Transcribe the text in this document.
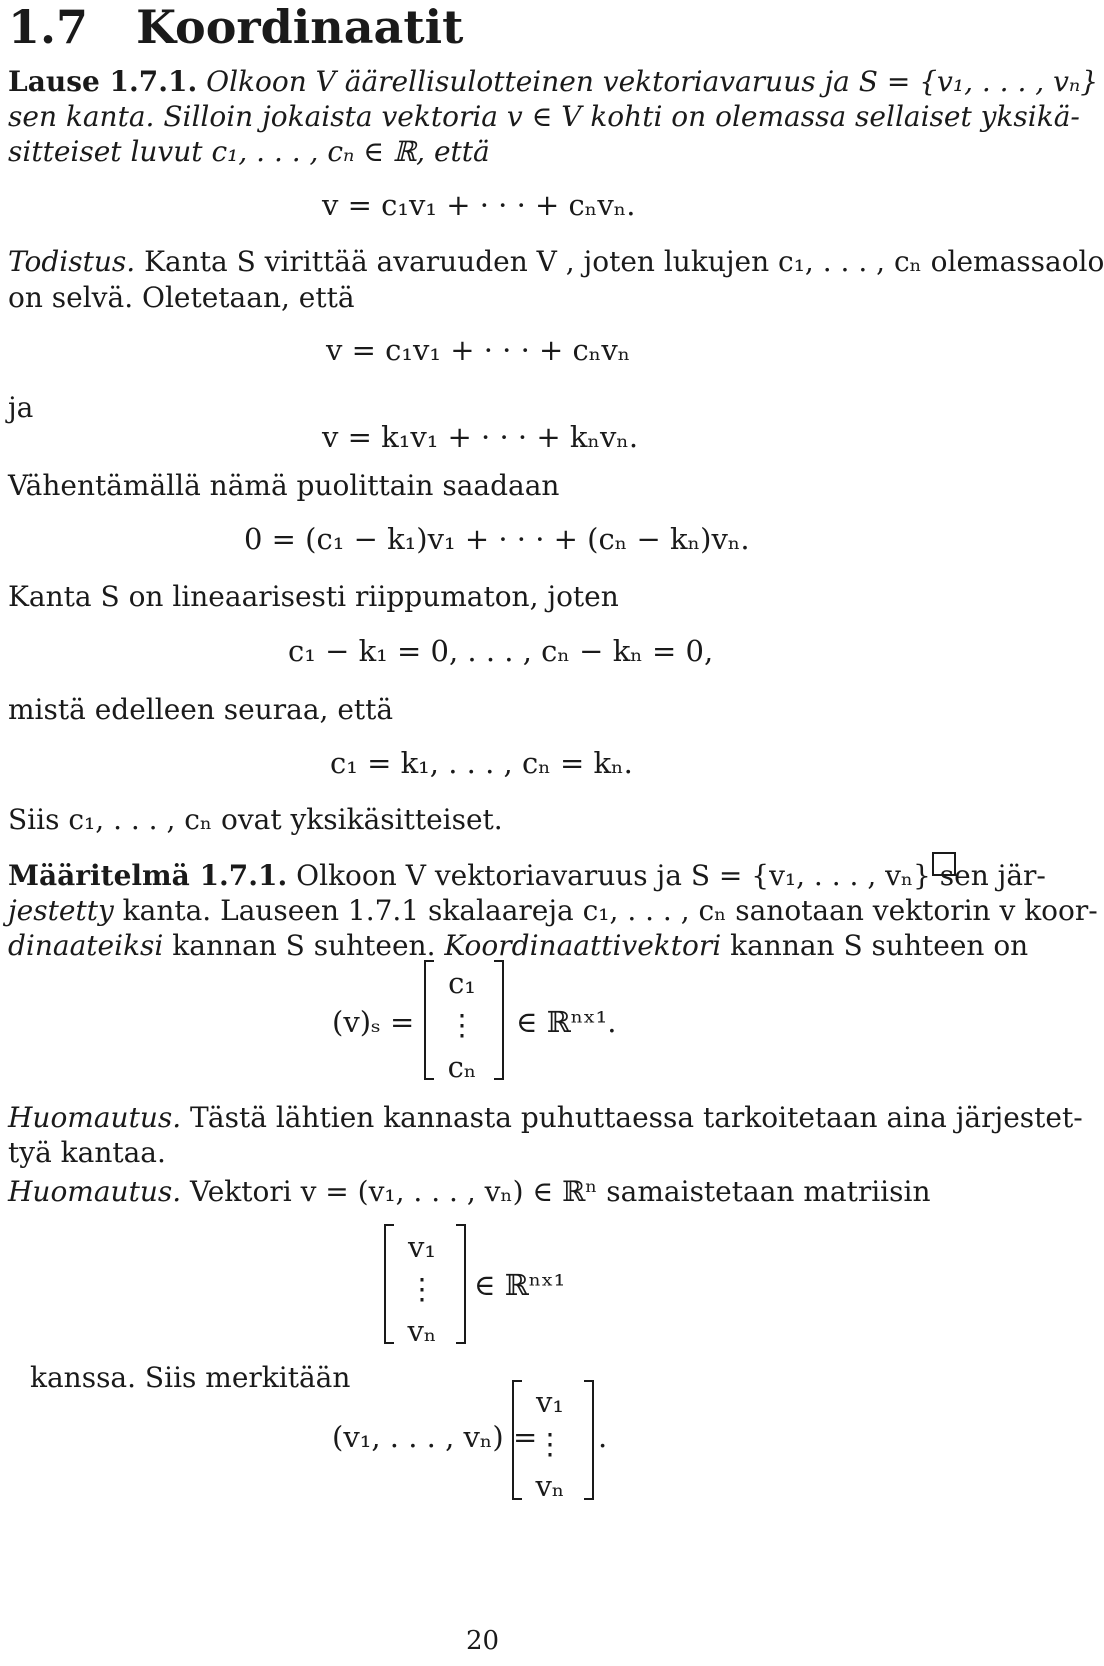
1.7 Koordinaatit
Lause 1.7.1. Olkoon V äärellisulotteinen vektoriavaruus ja S = {v₁, . . . , vₙ}
sen kanta. Silloin jokaista vektoria v ∈ V kohti on olemassa sellaiset yksikä-
sitteiset luvut c₁, . . . , cₙ ∈ ℝ, että
v = c₁v₁ + · · · + cₙvₙ.
Todistus. Kanta S virittää avaruuden V , joten lukujen c₁, . . . , cₙ olemassaolo
on selvä. Oletetaan, että
v = c₁v₁ + · · · + cₙvₙ
ja
v = k₁v₁ + · · · + kₙvₙ.
Vähentämällä nämä puolittain saadaan
0 = (c₁ − k₁)v₁ + · · · + (cₙ − kₙ)vₙ.
Kanta S on lineaarisesti riippumaton, joten
c₁ − k₁ = 0, . . . , cₙ − kₙ = 0,
mistä edelleen seuraa, että
c₁ = k₁, . . . , cₙ = kₙ.
Siis c₁, . . . , cₙ ovat yksikäsitteiset.
Määritelmä 1.7.1. Olkoon V vektoriavaruus ja S = {v₁, . . . , vₙ} sen jär-
jestetty kanta. Lauseen 1.7.1 skalaareja c₁, . . . , cₙ sanotaan vektorin v koor-
dinaateiksi kannan S suhteen. Koordinaattivektori kannan S suhteen on
(v)ₛ =
c₁
⋮
cₙ
∈ ℝⁿˣ¹.
Huomautus. Tästä lähtien kannasta puhuttaessa tarkoitetaan aina järjestet-
tyä kantaa.
Huomautus. Vektori v = (v₁, . . . , vₙ) ∈ ℝⁿ samaistetaan matriisin
v₁
⋮
vₙ
∈ ℝⁿˣ¹
kanssa. Siis merkitään
(v₁, . . . , vₙ) =
v₁
⋮
vₙ
.
20
